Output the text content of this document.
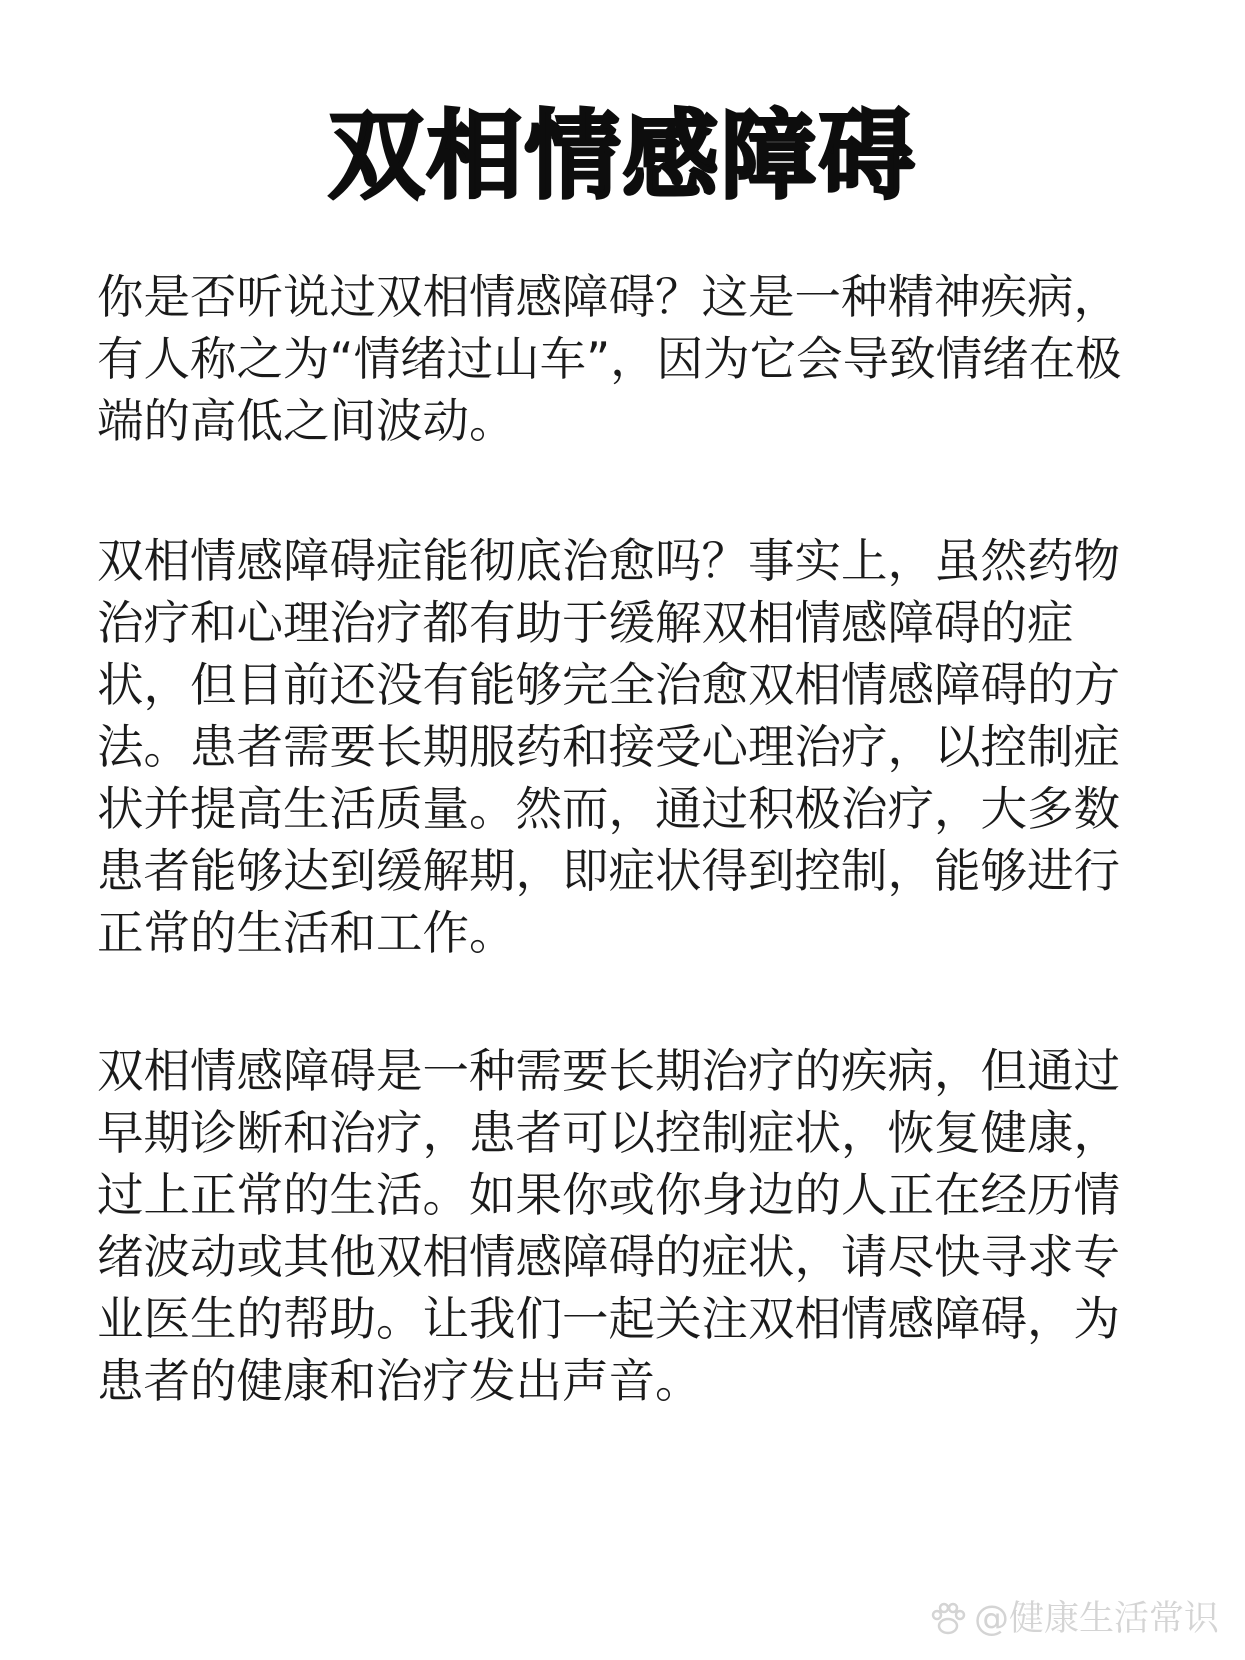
双相情感障碍

你是否听说过双相情感障碍？这是一种精神疾病，有人称之为“情绪过山车”，因为它会导致情绪在极端的高低之间波动。

双相情感障碍症能彻底治愈吗？事实上，虽然药物治疗和心理治疗都有助于缓解双相情感障碍的症状，但目前还没有能够完全治愈双相情感障碍的方法。患者需要长期服药和接受心理治疗，以控制症状并提高生活质量。然而，通过积极治疗，大多数患者能够达到缓解期，即症状得到控制，能够进行正常的生活和工作。

双相情感障碍是一种需要长期治疗的疾病，但通过早期诊断和治疗，患者可以控制症状，恢复健康，过上正常的生活。如果你或你身边的人正在经历情绪波动或其他双相情感障碍的症状，请尽快寻求专业医生的帮助。让我们一起关注双相情感障碍，为患者的健康和治疗发出声音。

@健康生活常识
